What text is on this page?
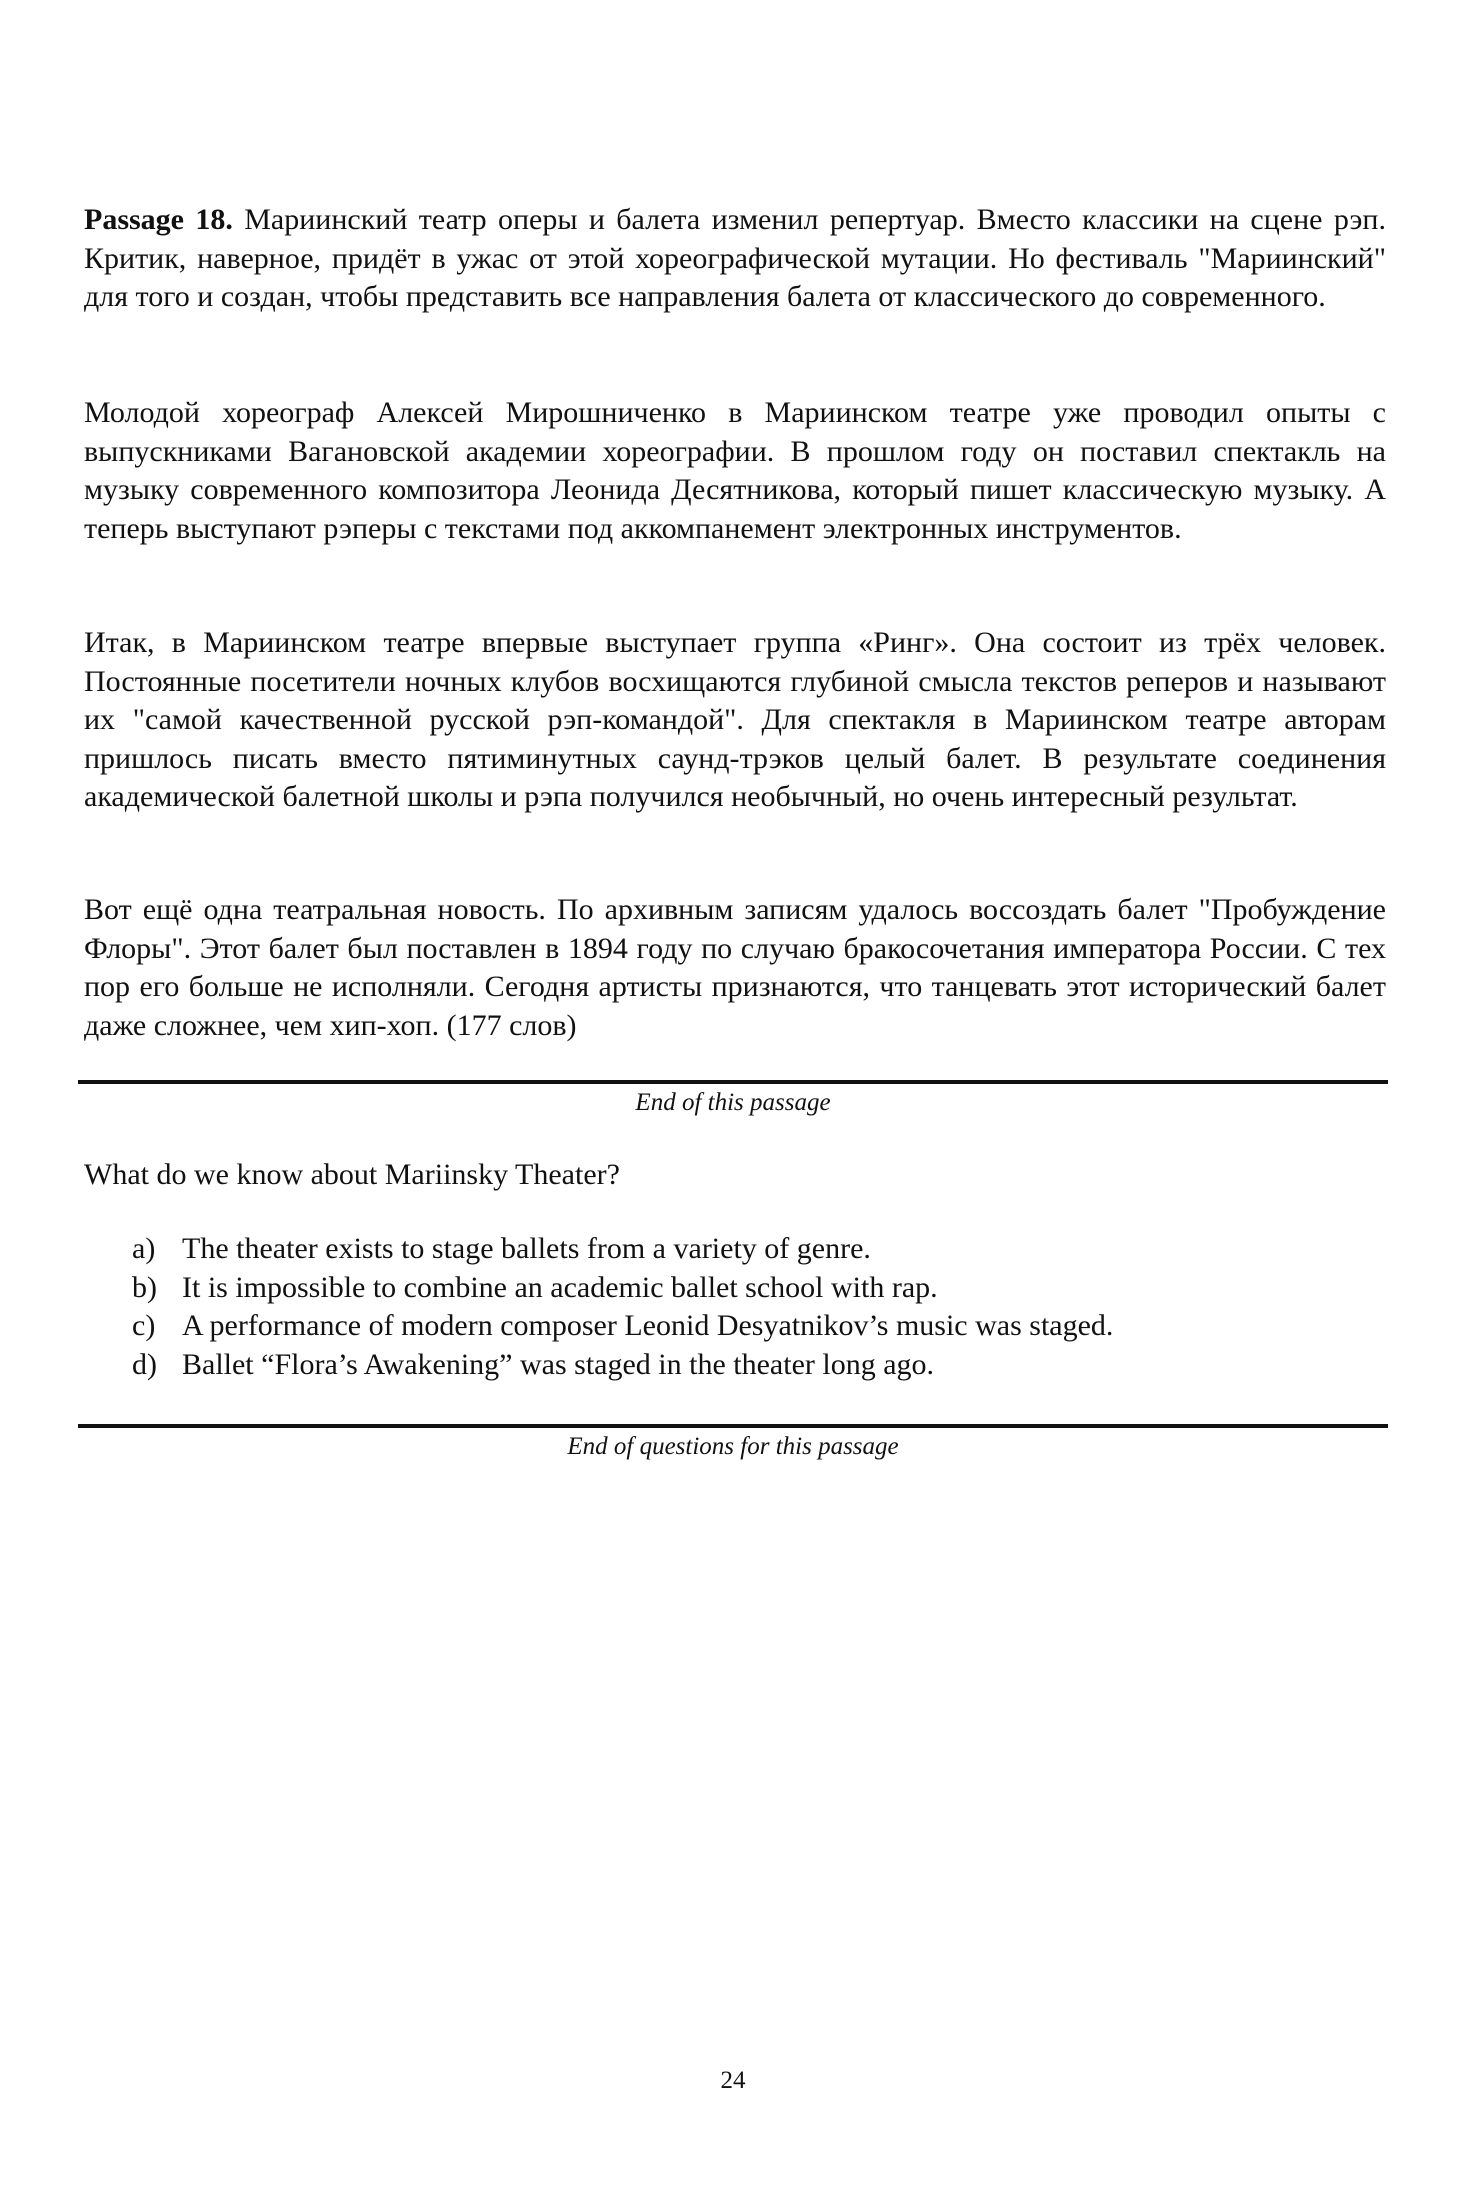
Passage 18. Мариинский театр оперы и балета изменил репертуар. Вместо классики на сцене рэп. Критик, наверное, придёт в ужас от этой хореографической мутации. Но фестиваль "Мариинский" для того и создан, чтобы представить все направления балета от классического до современного.

Молодой хореограф Алексей Мирошниченко в Мариинском театре уже проводил опыты с выпускниками Вагановской академии хореографии. В прошлом году он поставил спектакль на музыку современного композитора Леонида Десятникова, который пишет классическую музыку. А теперь выступают рэперы с текстами под аккомпанемент электронных инструментов.

Итак, в Мариинском театре впервые выступает группа «Ринг». Она состоит из трёх человек. Постоянные посетители ночных клубов восхищаются глубиной смысла текстов реперов и называют их "самой качественной русской рэп-командой". Для спектакля в Мариинском театре авторам пришлось писать вместо пятиминутных саунд-трэков целый балет. В результате соединения академической балетной школы и рэпа получился необычный, но очень интересный результат.

Вот ещё одна театральная новость. По архивным записям удалось воссоздать балет "Пробуждение Флоры". Этот балет был поставлен в 1894 году по случаю бракосочетания императора России. С тех пор его больше не исполняли. Сегодня артисты признаются, что танцевать этот исторический балет даже сложнее, чем хип-хоп. (177 слов)

End of this passage

What do we know about Mariinsky Theater?

a) The theater exists to stage ballets from a variety of genre.
b) It is impossible to combine an academic ballet school with rap.
c) A performance of modern composer Leonid Desyatnikov’s music was staged.
d) Ballet “Flora’s Awakening” was staged in the theater long ago.
End of questions for this passage
24
